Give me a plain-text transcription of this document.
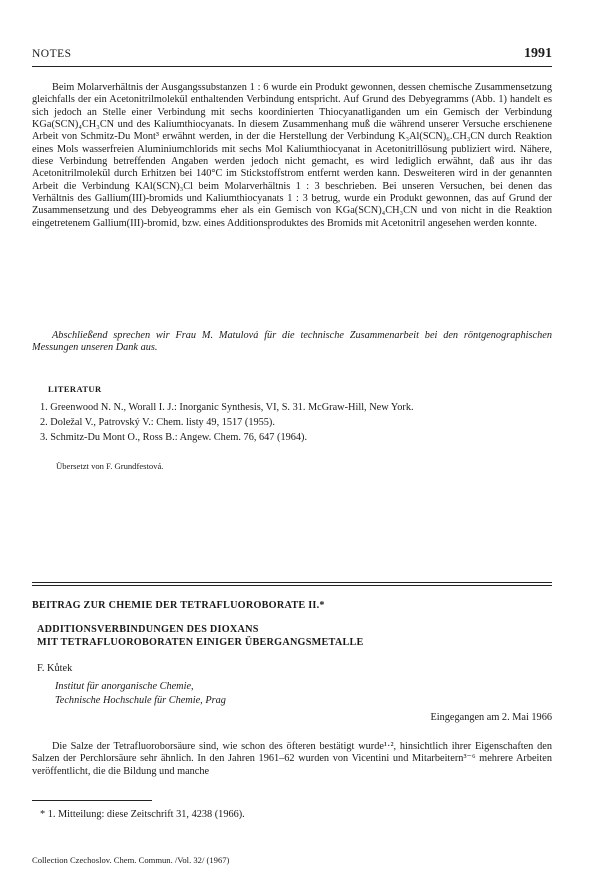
NOTES	1991
Beim Molarverhältnis der Ausgangssubstanzen 1 : 6 wurde ein Produkt gewonnen, dessen chemische Zusammensetzung gleichfalls der ein Acetonitrilmolekül enthaltenden Verbindung entspricht. Auf Grund des Debyegramms (Abb. 1) handelt es sich jedoch an Stelle einer Verbindung mit sechs koordinierten Thiocyanatliganden um ein Gemisch der Verbindung KGa(SCN)₄CH₃CN und des Kaliumthiocyanats. In diesem Zusammenhang muß die während unserer Versuche erschienene Arbeit von Schmitz-Du Mont³ erwähnt werden, in der die Herstellung der Verbindung K₃Al(SCN)₆.CH₃CN durch Reaktion eines Mols wasserfreien Aluminiumchlorids mit sechs Mol Kaliumthiocyanat in Acetonitrillösung publiziert wird. Nähere, diese Verbindung betreffenden Angaben werden jedoch nicht gemacht, es wird lediglich erwähnt, daß aus ihr das Acetonitrilmolekül durch Erhitzen bei 140°C im Stickstoffstrom entfernt werden kann. Desweiteren wird in der genannten Arbeit die Verbindung KAl(SCN)₃Cl beim Molarverhältnis 1 : 3 beschrieben. Bei unseren Versuchen, bei denen das Verhältnis des Gallium(III)-bromids und Kaliumthiocyanats 1 : 3 betrug, wurde ein Produkt gewonnen, das auf Grund der Zusammensetzung und des Debyeogramms eher als ein Gemisch von KGa(SCN)₄CH₃CN und von nicht in die Reaktion eingetretenem Gallium(III)-bromid, bzw. eines Additionsproduktes des Bromids mit Acetonitril angesehen werden konnte.
Abschließend sprechen wir Frau M. Matulová für die technische Zusammenarbeit bei den röntgenographischen Messungen unseren Dank aus.
LITERATUR
1. Greenwood N. N., Worall I. J.: Inorganic Synthesis, VI, S. 31. McGraw-Hill, New York.
2. Doležal V., Patrovský V.: Chem. listy 49, 1517 (1955).
3. Schmitz-Du Mont O., Ross B.: Angew. Chem. 76, 647 (1964).
Übersetzt von F. Grundfestová.
BEITRAG ZUR CHEMIE DER TETRAFLUOROBORATE II.*
ADDITIONSVERBINDUNGEN DES DIOXANS
MIT TETRAFLUOROBORATEN EINIGER ÜBERGANGSMETALLE
F. Kůtek
Institut für anorganische Chemie,
Technische Hochschule für Chemie, Prag
Eingegangen am 2. Mai 1966
Die Salze der Tetrafluoroborsäure sind, wie schon des öfteren bestätigt wurde¹·², hinsichtlich ihrer Eigenschaften den Salzen der Perchlorsäure sehr ähnlich. In den Jahren 1961–62 wurden von Vicentini und Mitarbeitern³⁻⁶ mehrere Arbeiten veröffentlicht, die die Bildung und manche
* 1. Mitteilung: diese Zeitschrift 31, 4238 (1966).
Collection Czechoslov. Chem. Commun. /Vol. 32/ (1967)
